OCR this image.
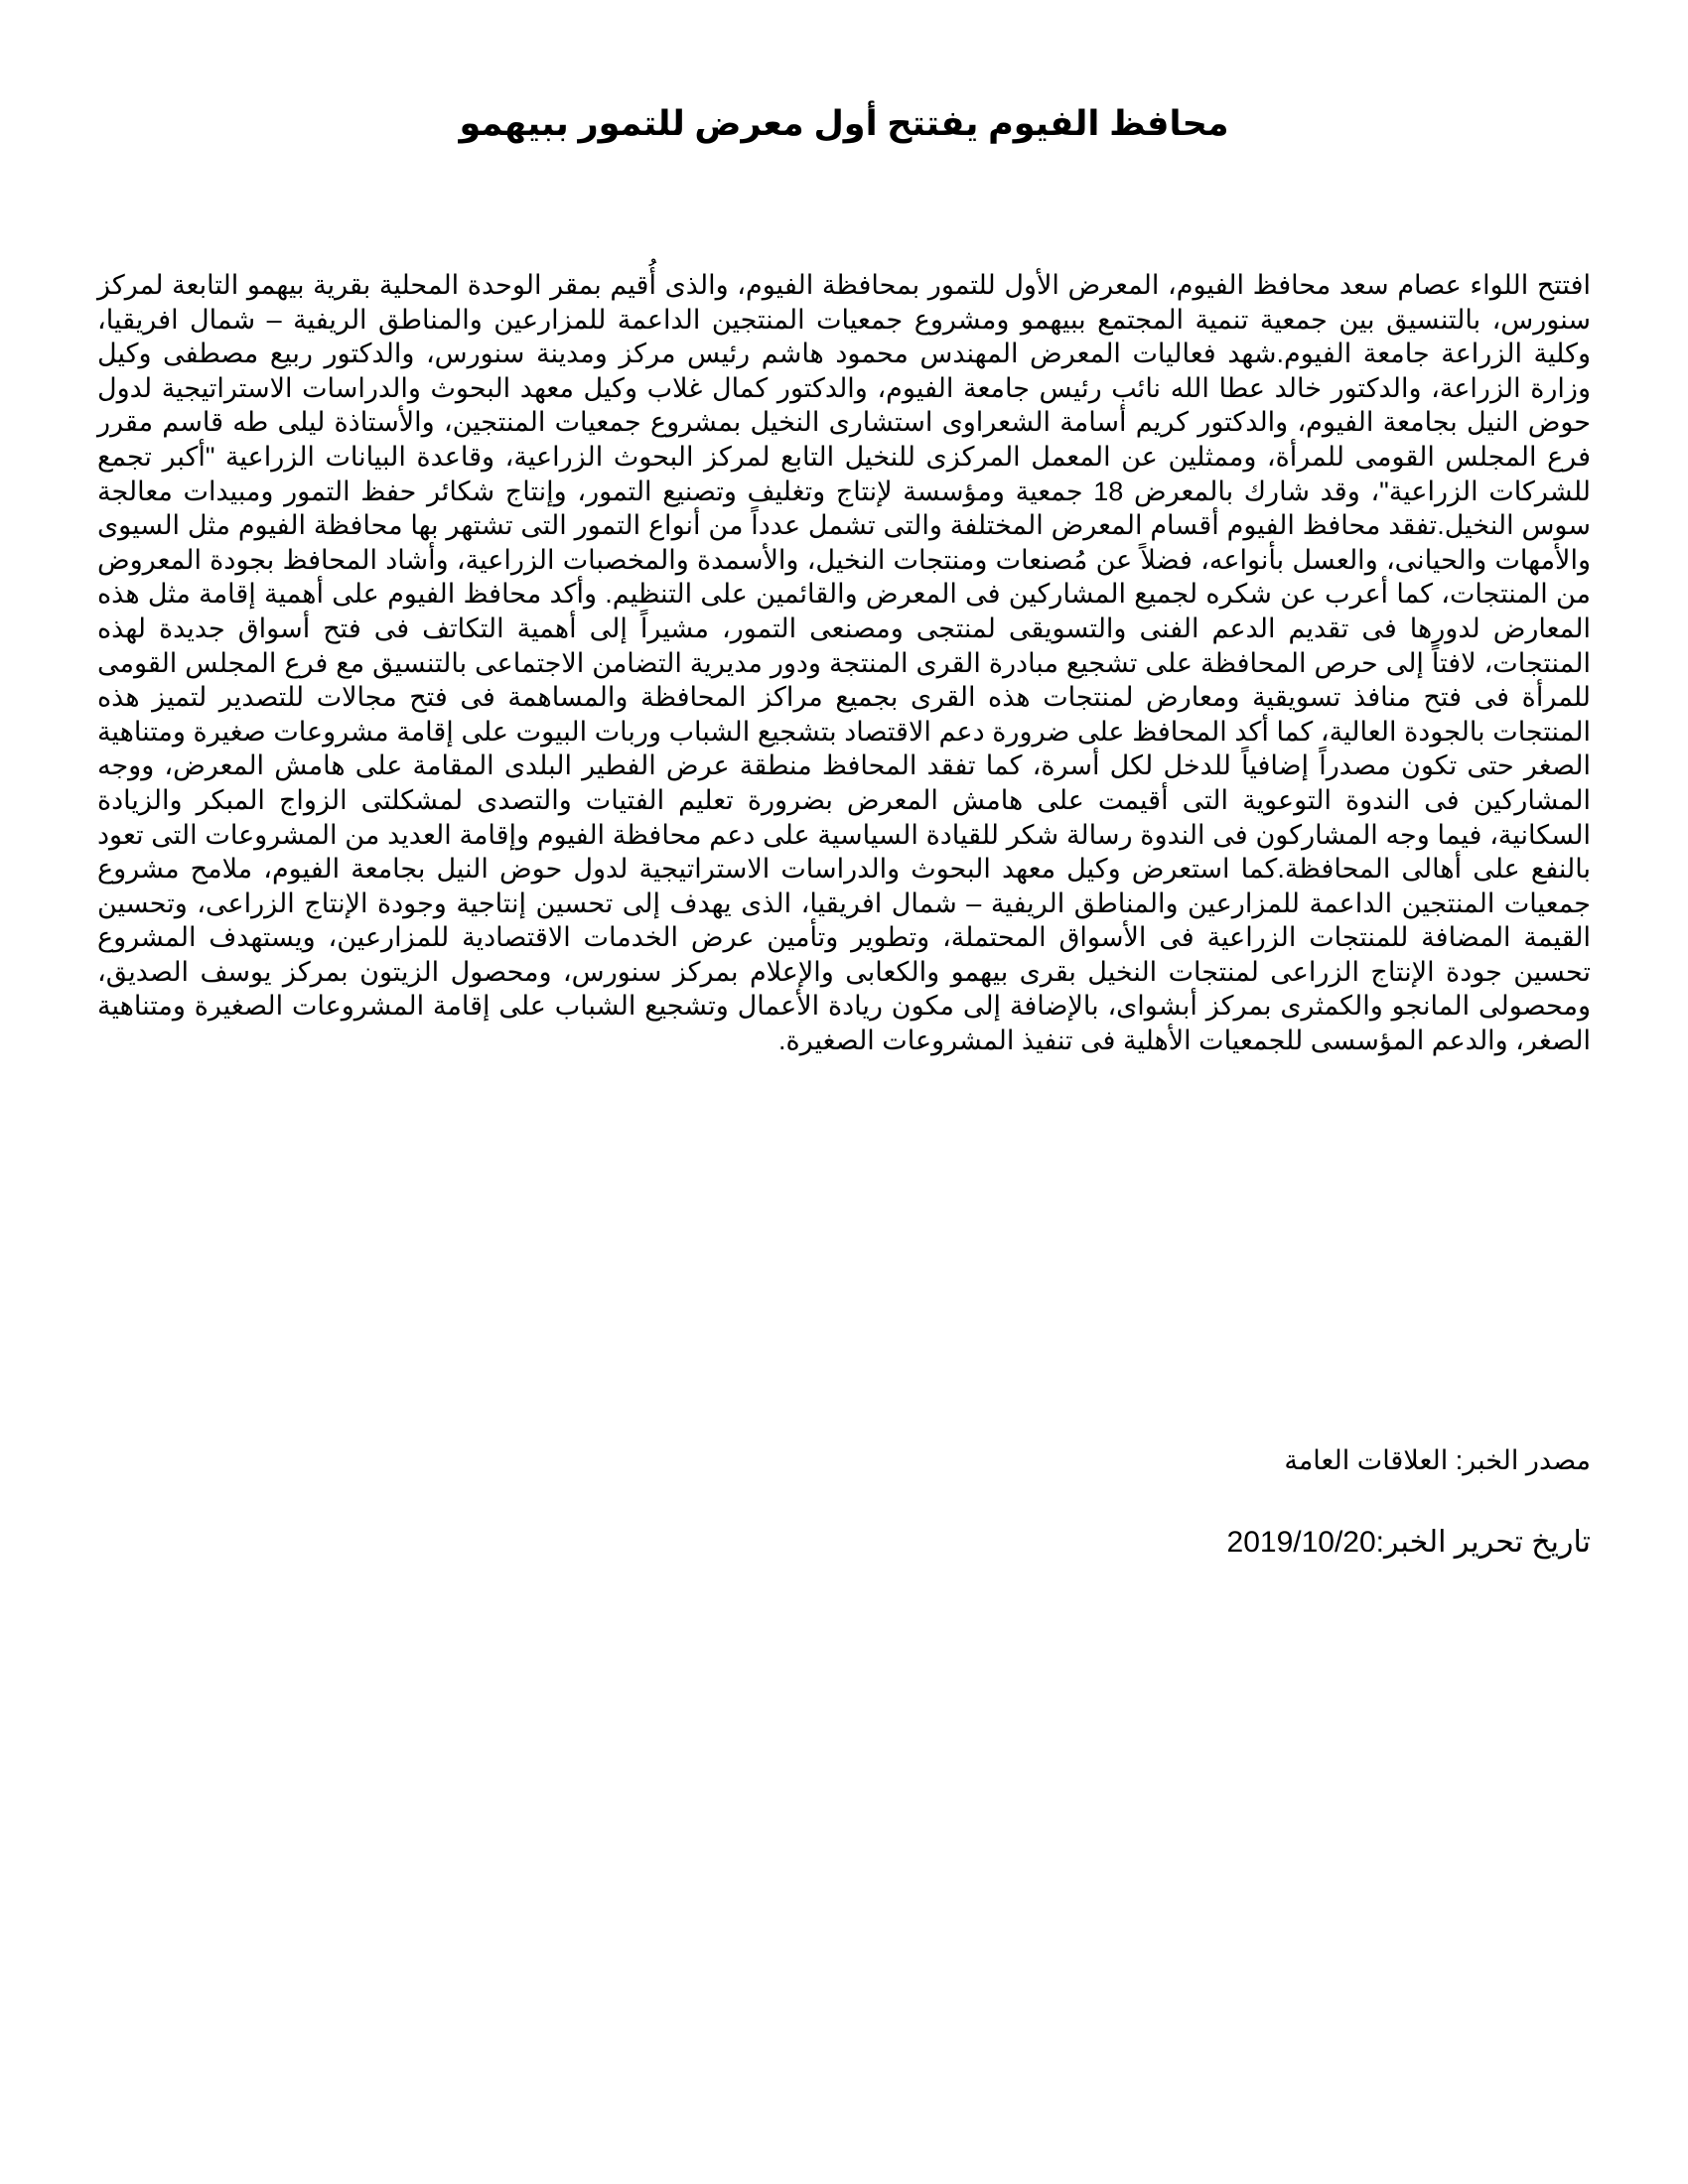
محافظ الفيوم يفتتح أول معرض للتمور ببيهمو

افتتح اللواء عصام سعد محافظ الفيوم، المعرض الأول للتمور بمحافظة الفيوم، والذى أُقيم بمقر الوحدة المحلية بقرية بيهمو التابعة لمركز سنورس، بالتنسيق بين جمعية تنمية المجتمع ببيهمو ومشروع جمعيات المنتجين الداعمة للمزارعين والمناطق الريفية – شمال افريقيا، وكلية الزراعة جامعة الفيوم.شهد فعاليات المعرض المهندس محمود هاشم رئيس مركز ومدينة سنورس، والدكتور ربيع مصطفى وكيل وزارة الزراعة، والدكتور خالد عطا الله نائب رئيس جامعة الفيوم، والدكتور كمال غلاب وكيل معهد البحوث والدراسات الاستراتيجية لدول حوض النيل بجامعة الفيوم، والدكتور كريم أسامة الشعراوى استشارى النخيل بمشروع جمعيات المنتجين، والأستاذة ليلى طه قاسم مقرر فرع المجلس القومى للمرأة، وممثلين عن المعمل المركزى للنخيل التابع لمركز البحوث الزراعية، وقاعدة البيانات الزراعية "أكبر تجمع للشركات الزراعية"، وقد شارك بالمعرض 18 جمعية ومؤسسة لإنتاج وتغليف وتصنيع التمور، وإنتاج شكائر حفظ التمور ومبيدات معالجة سوس النخيل.تفقد محافظ الفيوم أقسام المعرض المختلفة والتى تشمل عدداً من أنواع التمور التى تشتهر بها محافظة الفيوم مثل السيوى والأمهات والحيانى، والعسل بأنواعه، فضلاً عن مُصنعات ومنتجات النخيل، والأسمدة والمخصبات الزراعية، وأشاد المحافظ بجودة المعروض من المنتجات، كما أعرب عن شكره لجميع المشاركين فى المعرض والقائمين على التنظيم. وأكد محافظ الفيوم على أهمية إقامة مثل هذه المعارض لدورها فى تقديم الدعم الفنى والتسويقى لمنتجى ومصنعى التمور، مشيراً إلى أهمية التكاتف فى فتح أسواق جديدة لهذه المنتجات، لافتاً إلى حرص المحافظة على تشجيع مبادرة القرى المنتجة ودور مديرية التضامن الاجتماعى بالتنسيق مع فرع المجلس القومى للمرأة فى فتح منافذ تسويقية ومعارض لمنتجات هذه القرى بجميع مراكز المحافظة والمساهمة فى فتح مجالات للتصدير لتميز هذه المنتجات بالجودة العالية، كما أكد المحافظ على ضرورة دعم الاقتصاد بتشجيع الشباب وربات البيوت على إقامة مشروعات صغيرة ومتناهية الصغر حتى تكون مصدراً إضافياً للدخل لكل أسرة، كما تفقد المحافظ منطقة عرض الفطير البلدى المقامة على هامش المعرض، ووجه المشاركين فى الندوة التوعوية التى أقيمت على هامش المعرض بضرورة تعليم الفتيات والتصدى لمشكلتى الزواج المبكر والزيادة السكانية، فيما وجه المشاركون فى الندوة رسالة شكر للقيادة السياسية على دعم محافظة الفيوم وإقامة العديد من المشروعات التى تعود بالنفع على أهالى المحافظة.كما استعرض وكيل معهد البحوث والدراسات الاستراتيجية لدول حوض النيل بجامعة الفيوم، ملامح مشروع جمعيات المنتجين الداعمة للمزارعين والمناطق الريفية – شمال افريقيا، الذى يهدف إلى تحسين إنتاجية وجودة الإنتاج الزراعى، وتحسين القيمة المضافة للمنتجات الزراعية فى الأسواق المحتملة، وتطوير وتأمين عرض الخدمات الاقتصادية للمزارعين، ويستهدف المشروع تحسين جودة الإنتاج الزراعى لمنتجات النخيل بقرى بيهمو والكعابى والإعلام بمركز سنورس، ومحصول الزيتون بمركز يوسف الصديق، ومحصولى المانجو والكمثرى بمركز أبشواى، بالإضافة إلى مكون ريادة الأعمال وتشجيع الشباب على إقامة المشروعات الصغيرة ومتناهية الصغر، والدعم المؤسسى للجمعيات الأهلية فى تنفيذ المشروعات الصغيرة.

مصدر الخبر: العلاقات العامة

تاريخ تحرير الخبر:2019/10/20
